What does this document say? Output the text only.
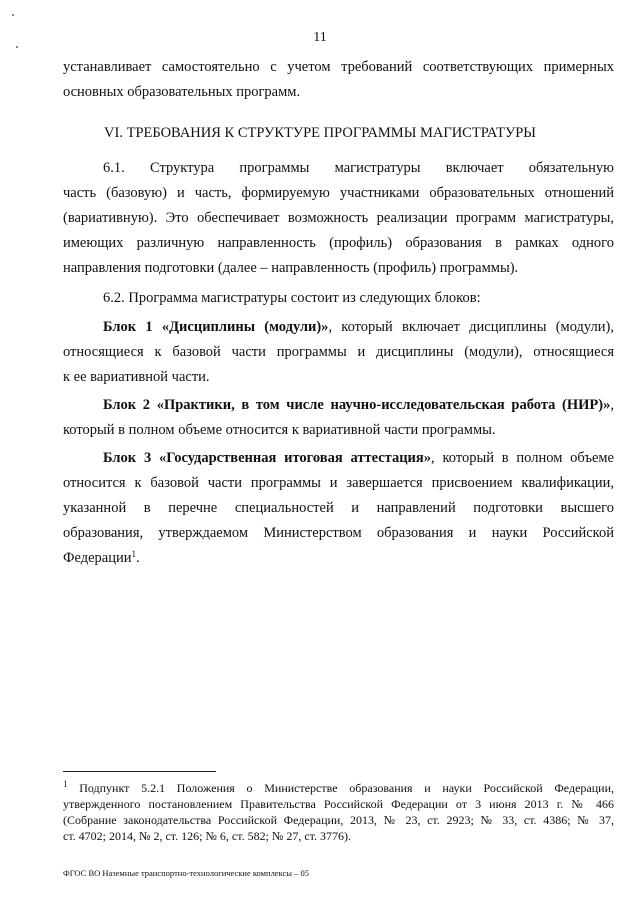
11
устанавливает самостоятельно с учетом требований соответствующих примерных
основных образовательных программ.
VI. ТРЕБОВАНИЯ К СТРУКТУРЕ ПРОГРАММЫ МАГИСТРАТУРЫ
6.1. Структура программы магистратуры включает обязательную
часть (базовую) и часть, формируемую участниками образовательных отношений
(вариативную). Это обеспечивает возможность реализации программ магистратуры,
имеющих различную направленность (профиль) образования в рамках одного
направления подготовки (далее – направленность (профиль) программы).
6.2. Программа магистратуры состоит из следующих блоков:
Блок 1 «Дисциплины (модули)», который включает дисциплины (модули),
относящиеся к базовой части программы и дисциплины (модули), относящиеся
к ее вариативной части.
Блок 2 «Практики, в том числе научно-исследовательская работа (НИР)»,
который в полном объеме относится к вариативной части программы.
Блок 3 «Государственная итоговая аттестация», который в полном объеме
относится к базовой части программы и завершается присвоением квалификации,
указанной в перечне специальностей и направлений подготовки высшего
образования, утверждаемом Министерством образования и науки Российской
Федерации$^1$.
$^1$ Подпункт 5.2.1 Положения о Министерстве образования и науки Российской Федерации,
утвержденного постановлением Правительства Российской Федерации от 3 июня 2013 г. № 466
(Собрание законодательства Российской Федерации, 2013, № 23, ст. 2923; № 33, ст. 4386; № 37,
ст. 4702; 2014, № 2, ст. 126; № 6, ст. 582; № 27, ст. 3776).
ФГОС ВО Наземные транспортно-технологические комплексы – 05
